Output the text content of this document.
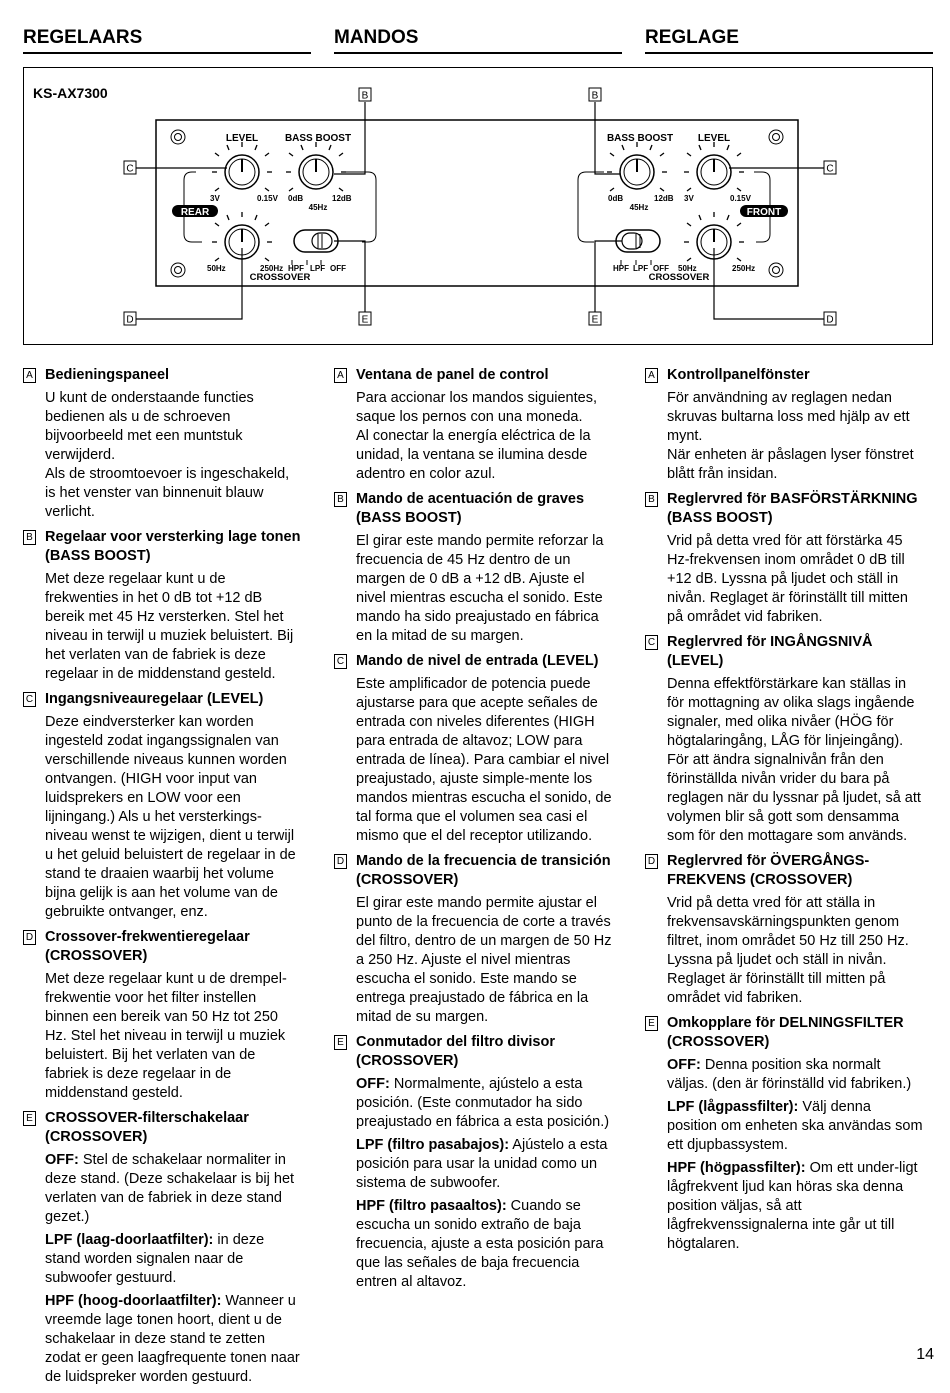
REGELAARS	MANDOS	REGLAGE
KS-AX7300
LEVEL	BASS BOOST
3V	0.15V 0dB	12dB
45Hz
50Hz	250Hz HPF LPF OFF
CROSSOVER
REAR
BASS BOOST LEVEL
0dB	12dB
45Hz
3V	0.15V
HPF LPF OFF 50Hz	250Hz
CROSSOVER
FRONT
B	B
C	C
D	D
E	E
A Bedieningspaneel

U kunt de onderstaande functies bedienen als u de schroeven bijvoorbeeld met een muntstuk verwijderd.

Als de stroomtoevoer is ingeschakeld, is het venster van binnenuit blauw verlicht.

B Regelaar voor versterking lage tonen (BASS BOOST)

Met deze regelaar kunt u de frekwenties in het 0 dB tot +12 dB bereik met 45 Hz versterken. Stel het niveau in terwijl u muziek beluistert. Bij het verlaten van de fabriek is deze regelaar in de middenstand gesteld.

C Ingangsniveauregelaar (LEVEL)

Deze eindversterker kan worden ingesteld zodat ingangssignalen van verschillende niveaus kunnen worden ontvangen. (HIGH voor input van luidsprekers en LOW voor een lijningang.) Als u het versterkings-niveau wenst te wijzigen, dient u terwijl u het geluid beluistert de regelaar in de stand te draaien waarbij het volume bijna gelijk is aan het volume van de gebruikte ontvanger, enz.

D Crossover-frekwentieregelaar (CROSSOVER)

Met deze regelaar kunt u de drempel-frekwentie voor het filter instellen binnen een bereik van 50 Hz tot 250 Hz. Stel het niveau in terwijl u muziek beluistert. Bij het verlaten van de fabriek is deze regelaar in de middenstand gesteld.

E CROSSOVER-filterschakelaar (CROSSOVER)

OFF: Stel de schakelaar normaliter in deze stand. (Deze schakelaar is bij het verlaten van de fabriek in deze stand gezet.)

LPF (laag-doorlaatfilter): in deze stand worden signalen naar de subwoofer gestuurd.

HPF (hoog-doorlaatfilter): Wanneer u vreemde lage tonen hoort, dient u de schakelaar in deze stand te zetten zodat er geen laagfrequente tonen naar de luidspreker worden gestuurd.

A Ventana de panel de control

Para accionar los mandos siguientes, saque los pernos con una moneda.

Al conectar la energía eléctrica de la unidad, la ventana se ilumina desde adentro en color azul.

B Mando de acentuación de graves (BASS BOOST)

El girar este mando permite reforzar la frecuencia de 45 Hz dentro de un margen de 0 dB a +12 dB. Ajuste el nivel mientras escucha el sonido. Este mando ha sido preajustado en fábrica en la mitad de su margen.

C Mando de nivel de entrada (LEVEL)

Este amplificador de potencia puede ajustarse para que acepte señales de entrada con niveles diferentes (HIGH para entrada de altavoz; LOW para entrada de línea). Para cambiar el nivel preajustado, ajuste simple-mente los mandos mientras escucha el sonido, de tal forma que el volumen sea casi el mismo que el del receptor utilizando.

D Mando de la frecuencia de transición (CROSSOVER)

El girar este mando permite ajustar el punto de la frecuencia de corte a través del filtro, dentro de un margen de 50 Hz a 250 Hz. Ajuste el nivel mientras escucha el sonido. Este mando se entrega preajustado de fábrica en la mitad de su margen.

E Conmutador del filtro divisor (CROSSOVER)

OFF: Normalmente, ajústelo a esta posición. (Este conmutador ha sido preajustado en fábrica a esta posición.)

LPF (filtro pasabajos): Ajústelo a esta posición para usar la unidad como un sistema de subwoofer.

HPF (filtro pasaaltos): Cuando se escucha un sonido extraño de baja frecuencia, ajuste a esta posición para que las señales de baja frecuencia entren al altavoz.

A Kontrollpanelfönster

För användning av reglagen nedan skruvas bultarna loss med hjälp av ett mynt.

När enheten är påslagen lyser fönstret blått från insidan.

B Reglervred för BASFÖRSTÄRKNING (BASS BOOST)

Vrid på detta vred för att förstärka 45 Hz-frekvensen inom området 0 dB till +12 dB. Lyssna på ljudet och ställ in nivån. Reglaget är förinställt till mitten på området vid fabriken.

C Reglervred för INGÅNGSNIVÅ (LEVEL)

Denna effektförstärkare kan ställas in för mottagning av olika slags ingående signaler, med olika nivåer (HÖG för högtalaringång, LÅG för linjeingång). För att ändra signalnivån från den förinställda nivån vrider du bara på reglagen när du lyssnar på ljudet, så att volymen blir så gott som densamma som för den mottagare som används.

D Reglervred för ÖVERGÅNGS-FREKVENS (CROSSOVER)

Vrid på detta vred för att ställa in frekvensavskärningspunkten genom filtret, inom området 50 Hz till 250 Hz. Lyssna på ljudet och ställ in nivån. Reglaget är förinställt till mitten på området vid fabriken.

E Omkopplare för DELNINGSFILTER (CROSSOVER)

OFF: Denna position ska normalt väljas. (den är förinställd vid fabriken.)

LPF (lågpassfilter): Välj denna position om enheten ska användas som ett djupbassystem.

HPF (högpassfilter): Om ett under-ligt lågfrekvent ljud kan höras ska denna position väljas, så att lågfrekvenssignalerna inte går ut till högtalaren.

14
